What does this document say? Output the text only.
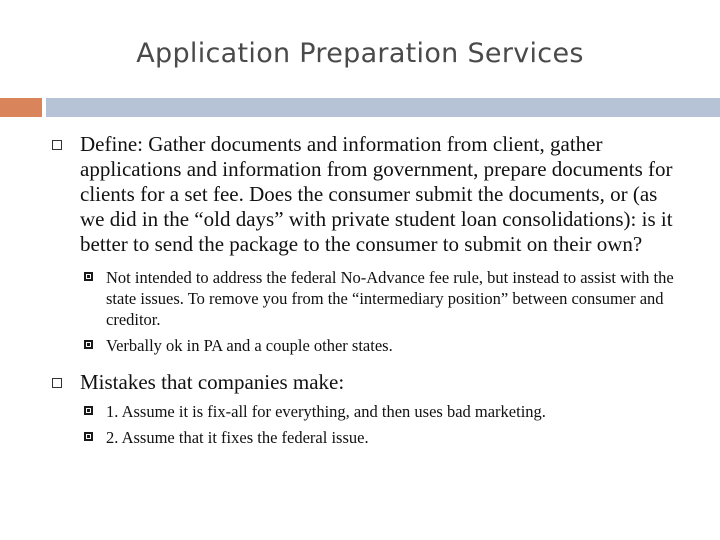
Application Preparation Services
Define: Gather documents and information from client, gather applications and information from government, prepare documents for clients for a set fee. Does the consumer submit the documents, or (as we did in the “old days” with private student loan consolidations): is it better to send the package to the consumer to submit on their own?
Not intended to address the federal No-Advance fee rule, but instead to assist with the state issues. To remove you from the “intermediary position” between consumer and creditor.
Verbally ok in PA and a couple other states.
Mistakes that companies make:
1. Assume it is fix-all for everything, and then uses bad marketing.
2. Assume that it fixes the federal issue.
